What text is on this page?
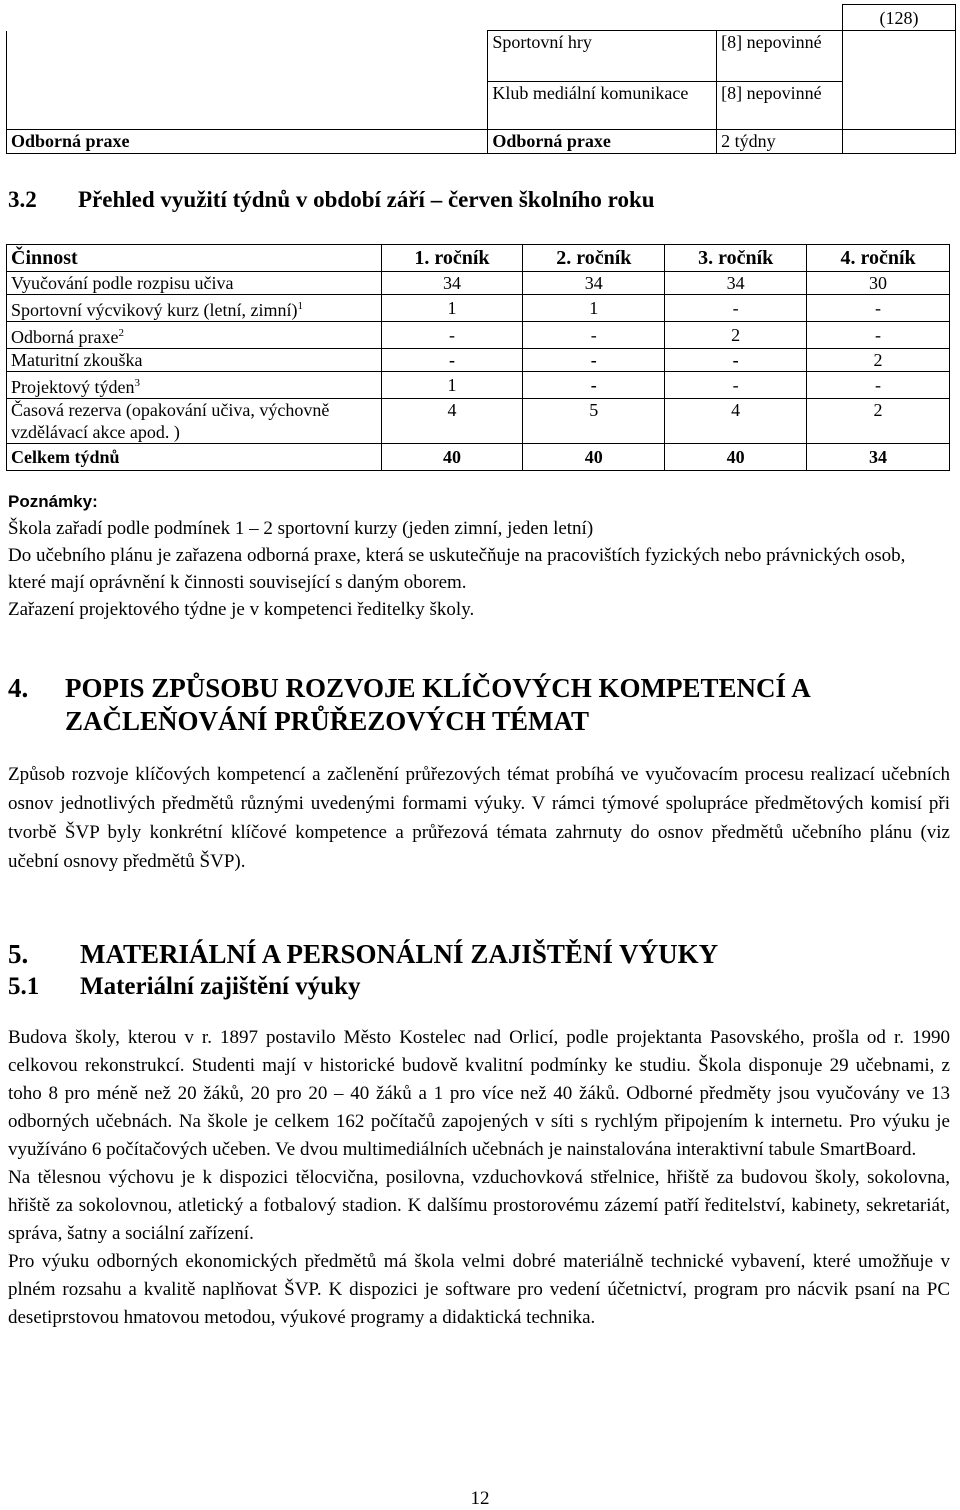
			(128)
	Sportovní hry	[8] nepovinné	
	Klub mediální komunikace	[8] nepovinné	
Odborná praxe	Odborná praxe	2 týdny	
3.2 Přehled využití týdnů v období září – červen školního roku
Činnost	1. ročník	2. ročník	3. ročník	4. ročník
Vyučování podle rozpisu učiva	34	34	34	30
Sportovní výcvikový kurz (letní, zimní)$^1$	1	1	-	-
Odborná praxe$^2$	-	-	2	-
Maturitní zkouška	-	-	-	2
Projektový týden$^3$	1	-	-	-
Časová rezerva (opakování učiva, výchovně vzdělávací akce apod. )	4	5	4	2
Celkem týdnů	40	40	40	34
Poznámky:
Škola zařadí podle podmínek 1 – 2 sportovní kurzy (jeden zimní, jeden letní)
Do učebního plánu je zařazena odborná praxe, která se uskutečňuje na pracovištích fyzických nebo právnických osob, které mají oprávnění k činnosti související s daným oborem.
Zařazení projektového týdne je v kompetenci ředitelky školy.
4. POPIS ZPŮSOBU ROZVOJE KLÍČOVÝCH KOMPETENCÍ A
ZAČLEŇOVÁNÍ PRŮŘEZOVÝCH TÉMAT

Způsob rozvoje klíčových kompetencí a začlenění průřezových témat probíhá ve vyučovacím procesu realizací učebních osnov jednotlivých předmětů různými uvedenými formami výuky. V rámci týmové spolupráce předmětových komisí při tvorbě ŠVP byly konkrétní klíčové kompetence a průřezová témata zahrnuty do osnov předmětů učebního plánu (viz učební osnovy předmětů ŠVP).

5. MATERIÁLNÍ A PERSONÁLNÍ ZAJIŠTĚNÍ VÝUKY
5.1 Materiální zajištění výuky

Budova školy, kterou v r. 1897 postavilo Město Kostelec nad Orlicí, podle projektanta Pasovského, prošla od r. 1990 celkovou rekonstrukcí. Studenti mají v historické budově kvalitní podmínky ke studiu. Škola disponuje 29 učebnami, z toho 8 pro méně než 20 žáků, 20 pro 20 – 40 žáků a 1 pro více než 40 žáků. Odborné předměty jsou vyučovány ve 13 odborných učebnách. Na škole je celkem 162 počítačů zapojených v síti s rychlým připojením k internetu. Pro výuku je využíváno 6 počítačových učeben. Ve dvou multimediálních učebnách je nainstalována interaktivní tabule SmartBoard.

Na tělesnou výchovu je k dispozici tělocvična, posilovna, vzduchovková střelnice, hřiště za budovou školy, sokolovna, hřiště za sokolovnou, atletický a fotbalový stadion. K dalšímu prostorovému zázemí patří ředitelství, kabinety, sekretariát, správa, šatny a sociální zařízení.

Pro výuku odborných ekonomických předmětů má škola velmi dobré materiálně technické vybavení, které umožňuje v plném rozsahu a kvalitě naplňovat ŠVP. K dispozici je software pro vedení účetnictví, program pro nácvik psaní na PC desetiprstovou hmatovou metodou, výukové programy a didaktická technika.

12
